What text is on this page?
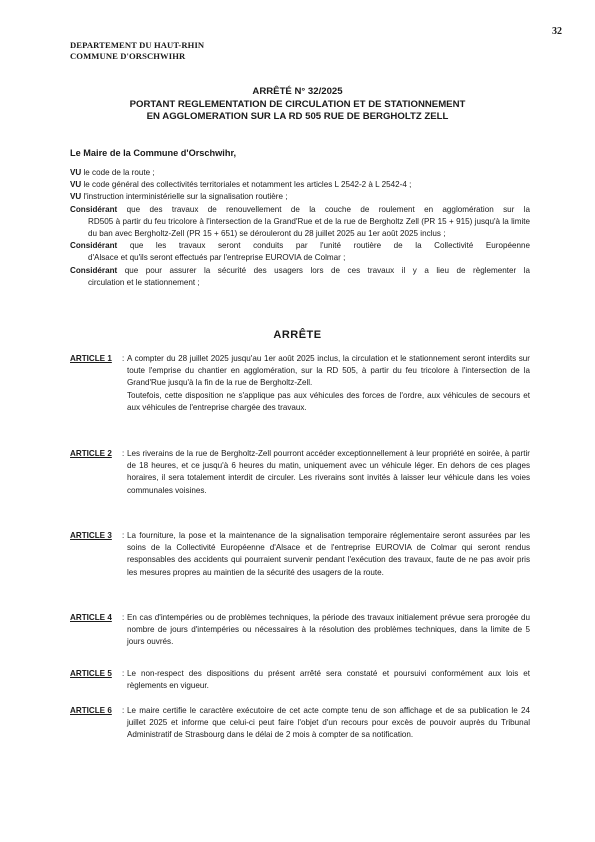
32
DEPARTEMENT DU HAUT-RHIN
COMMUNE D'ORSCHWIHR
ARRÊTÉ N° 32/2025
PORTANT REGLEMENTATION DE CIRCULATION ET DE STATIONNEMENT
EN AGGLOMERATION SUR LA RD 505 RUE DE BERGHOLTZ ZELL
Le Maire de la Commune d'Orschwihr,

VU le code de la route ;

VU le code général des collectivités territoriales et notamment les articles L 2542-2 à L 2542-4 ;

VU l'instruction interministérielle sur la signalisation routière ;

Considérant que des travaux de renouvellement de la couche de roulement en agglomération sur la

RD505 à partir du feu tricolore à l'intersection de la Grand'Rue et de la rue de Bergholtz Zell (PR 15 + 915) jusqu'à la limite du ban avec Bergholtz-Zell (PR 15 + 651) se dérouleront du 28 juillet 2025 au 1er août 2025 inclus ;

Considérant que les travaux seront conduits par l'unité routière de la Collectivité Européenne

d'Alsace et qu'ils seront effectués par l'entreprise EUROVIA de Colmar ;

Considérant que pour assurer la sécurité des usagers lors de ces travaux il y a lieu de règlementer la

circulation et le stationnement ;

ARRÊTE
ARTICLE 1 : A compter du 28 juillet 2025 jusqu'au 1er août 2025 inclus, la circulation et le stationnement seront interdits sur toute l'emprise du chantier en agglomération, sur la RD 505, à partir du feu tricolore à l'intersection de la Grand'Rue jusqu'à la fin de la rue de Bergholtz-Zell.

Toutefois, cette disposition ne s'applique pas aux véhicules des forces de l'ordre, aux véhicules de secours et aux véhicules de l'entreprise chargée des travaux.

ARTICLE 2 : Les riverains de la rue de Bergholtz-Zell pourront accéder exceptionnellement à leur propriété en soirée, à partir de 18 heures, et ce jusqu'à 6 heures du matin, uniquement avec un véhicule léger. En dehors de ces plages horaires, il sera totalement interdit de circuler. Les riverains sont invités à laisser leur véhicule dans les voies communales voisines.

ARTICLE 3 : La fourniture, la pose et la maintenance de la signalisation temporaire réglementaire seront assurées par les soins de la Collectivité Européenne d'Alsace et de l'entreprise EUROVIA de Colmar qui seront rendus responsables des accidents qui pourraient survenir pendant l'exécution des travaux, faute de ne pas avoir pris les mesures propres au maintien de la sécurité des usagers de la route.

ARTICLE 4 : En cas d'intempéries ou de problèmes techniques, la période des travaux initialement prévue sera prorogée du nombre de jours d'intempéries ou nécessaires à la résolution des problèmes techniques, dans la limite de 5 jours ouvrés.

ARTICLE 5 : Le non-respect des dispositions du présent arrêté sera constaté et poursuivi conformément aux lois et règlements en vigueur.

ARTICLE 6 : Le maire certifie le caractère exécutoire de cet acte compte tenu de son affichage et de sa publication le 24 juillet 2025 et informe que celui-ci peut faire l'objet d'un recours pour excès de pouvoir auprès du Tribunal Administratif de Strasbourg dans le délai de 2 mois à compter de sa notification.
